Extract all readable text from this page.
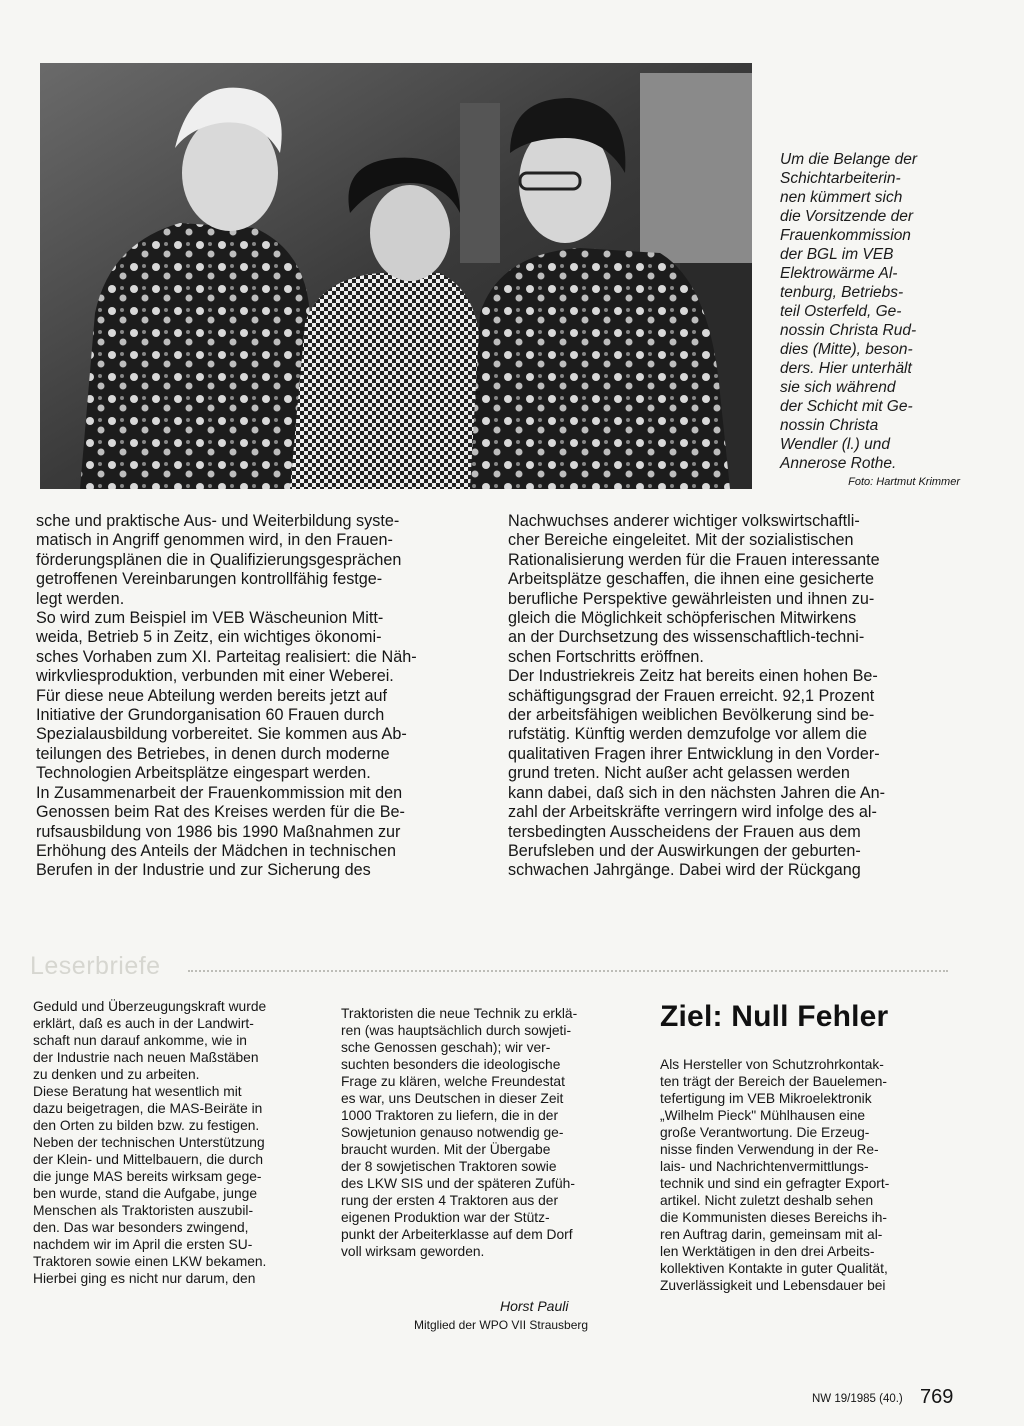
Um die Belange der
Schichtarbeiterin-
nen kümmert sich
die Vorsitzende der
Frauenkommission
der BGL im VEB
Elektrowärme Al-
tenburg, Betriebs-
teil Osterfeld, Ge-
nossin Christa Rud-
dies (Mitte), beson-
ders. Hier unterhält
sie sich während
der Schicht mit Ge-
nossin Christa
Wendler (l.) und
Annerose Rothe.
Foto: Hartmut Krimmer
sche und praktische Aus- und Weiterbildung syste-
matisch in Angriff genommen wird, in den Frauen-
förderungsplänen die in Qualifizierungsgesprächen
getroffenen Vereinbarungen kontrollfähig festge-
legt werden.
So wird zum Beispiel im VEB Wäscheunion Mitt-
weida, Betrieb 5 in Zeitz, ein wichtiges ökonomi-
sches Vorhaben zum XI. Parteitag realisiert: die Näh-
wirkvliesproduktion, verbunden mit einer Weberei.
Für diese neue Abteilung werden bereits jetzt auf
Initiative der Grundorganisation 60 Frauen durch
Spezialausbildung vorbereitet. Sie kommen aus Ab-
teilungen des Betriebes, in denen durch moderne
Technologien Arbeitsplätze eingespart werden.
In Zusammenarbeit der Frauenkommission mit den
Genossen beim Rat des Kreises werden für die Be-
rufsausbildung von 1986 bis 1990 Maßnahmen zur
Erhöhung des Anteils der Mädchen in technischen
Berufen in der Industrie und zur Sicherung des
Nachwuchses anderer wichtiger volkswirtschaftli-
cher Bereiche eingeleitet. Mit der sozialistischen
Rationalisierung werden für die Frauen interessante
Arbeitsplätze geschaffen, die ihnen eine gesicherte
berufliche Perspektive gewährleisten und ihnen zu-
gleich die Möglichkeit schöpferischen Mitwirkens
an der Durchsetzung des wissenschaftlich-techni-
schen Fortschritts eröffnen.
Der Industriekreis Zeitz hat bereits einen hohen Be-
schäftigungsgrad der Frauen erreicht. 92,1 Prozent
der arbeitsfähigen weiblichen Bevölkerung sind be-
rufstätig. Künftig werden demzufolge vor allem die
qualitativen Fragen ihrer Entwicklung in den Vorder-
grund treten. Nicht außer acht gelassen werden
kann dabei, daß sich in den nächsten Jahren die An-
zahl der Arbeitskräfte verringern wird infolge des al-
tersbedingten Ausscheidens der Frauen aus dem
Berufsleben und der Auswirkungen der geburten-
schwachen Jahrgänge. Dabei wird der Rückgang
Leserbriefe
Geduld und Überzeugungskraft wurde
erklärt, daß es auch in der Landwirt-
schaft nun darauf ankomme, wie in
der Industrie nach neuen Maßstäben
zu denken und zu arbeiten.
Diese Beratung hat wesentlich mit
dazu beigetragen, die MAS-Beiräte in
den Orten zu bilden bzw. zu festigen.
Neben der technischen Unterstützung
der Klein- und Mittelbauern, die durch
die junge MAS bereits wirksam gege-
ben wurde, stand die Aufgabe, junge
Menschen als Traktoristen auszubil-
den. Das war besonders zwingend,
nachdem wir im April die ersten SU-
Traktoren sowie einen LKW bekamen.
Hierbei ging es nicht nur darum, den
Traktoristen die neue Technik zu erklä-
ren (was hauptsächlich durch sowjeti-
sche Genossen geschah); wir ver-
suchten besonders die ideologische
Frage zu klären, welche Freundestat
es war, uns Deutschen in dieser Zeit
1000 Traktoren zu liefern, die in der
Sowjetunion genauso notwendig ge-
braucht wurden. Mit der Übergabe
der 8 sowjetischen Traktoren sowie
des LKW SIS und der späteren Zufüh-
rung der ersten 4 Traktoren aus der
eigenen Produktion war der Stütz-
punkt der Arbeiterklasse auf dem Dorf
voll wirksam geworden.
Horst Pauli
Mitglied der WPO VII Strausberg
Ziel: Null Fehler
Als Hersteller von Schutzrohrkontak-
ten trägt der Bereich der Bauelemen-
tefertigung im VEB Mikroelektronik
„Wilhelm Pieck" Mühlhausen eine
große Verantwortung. Die Erzeug-
nisse finden Verwendung in der Re-
lais- und Nachrichtenvermittlungs-
technik und sind ein gefragter Export-
artikel. Nicht zuletzt deshalb sehen
die Kommunisten dieses Bereichs ih-
ren Auftrag darin, gemeinsam mit al-
len Werktätigen in den drei Arbeits-
kollektiven Kontakte in guter Qualität,
Zuverlässigkeit und Lebensdauer bei
NW 19/1985 (40.) 769
